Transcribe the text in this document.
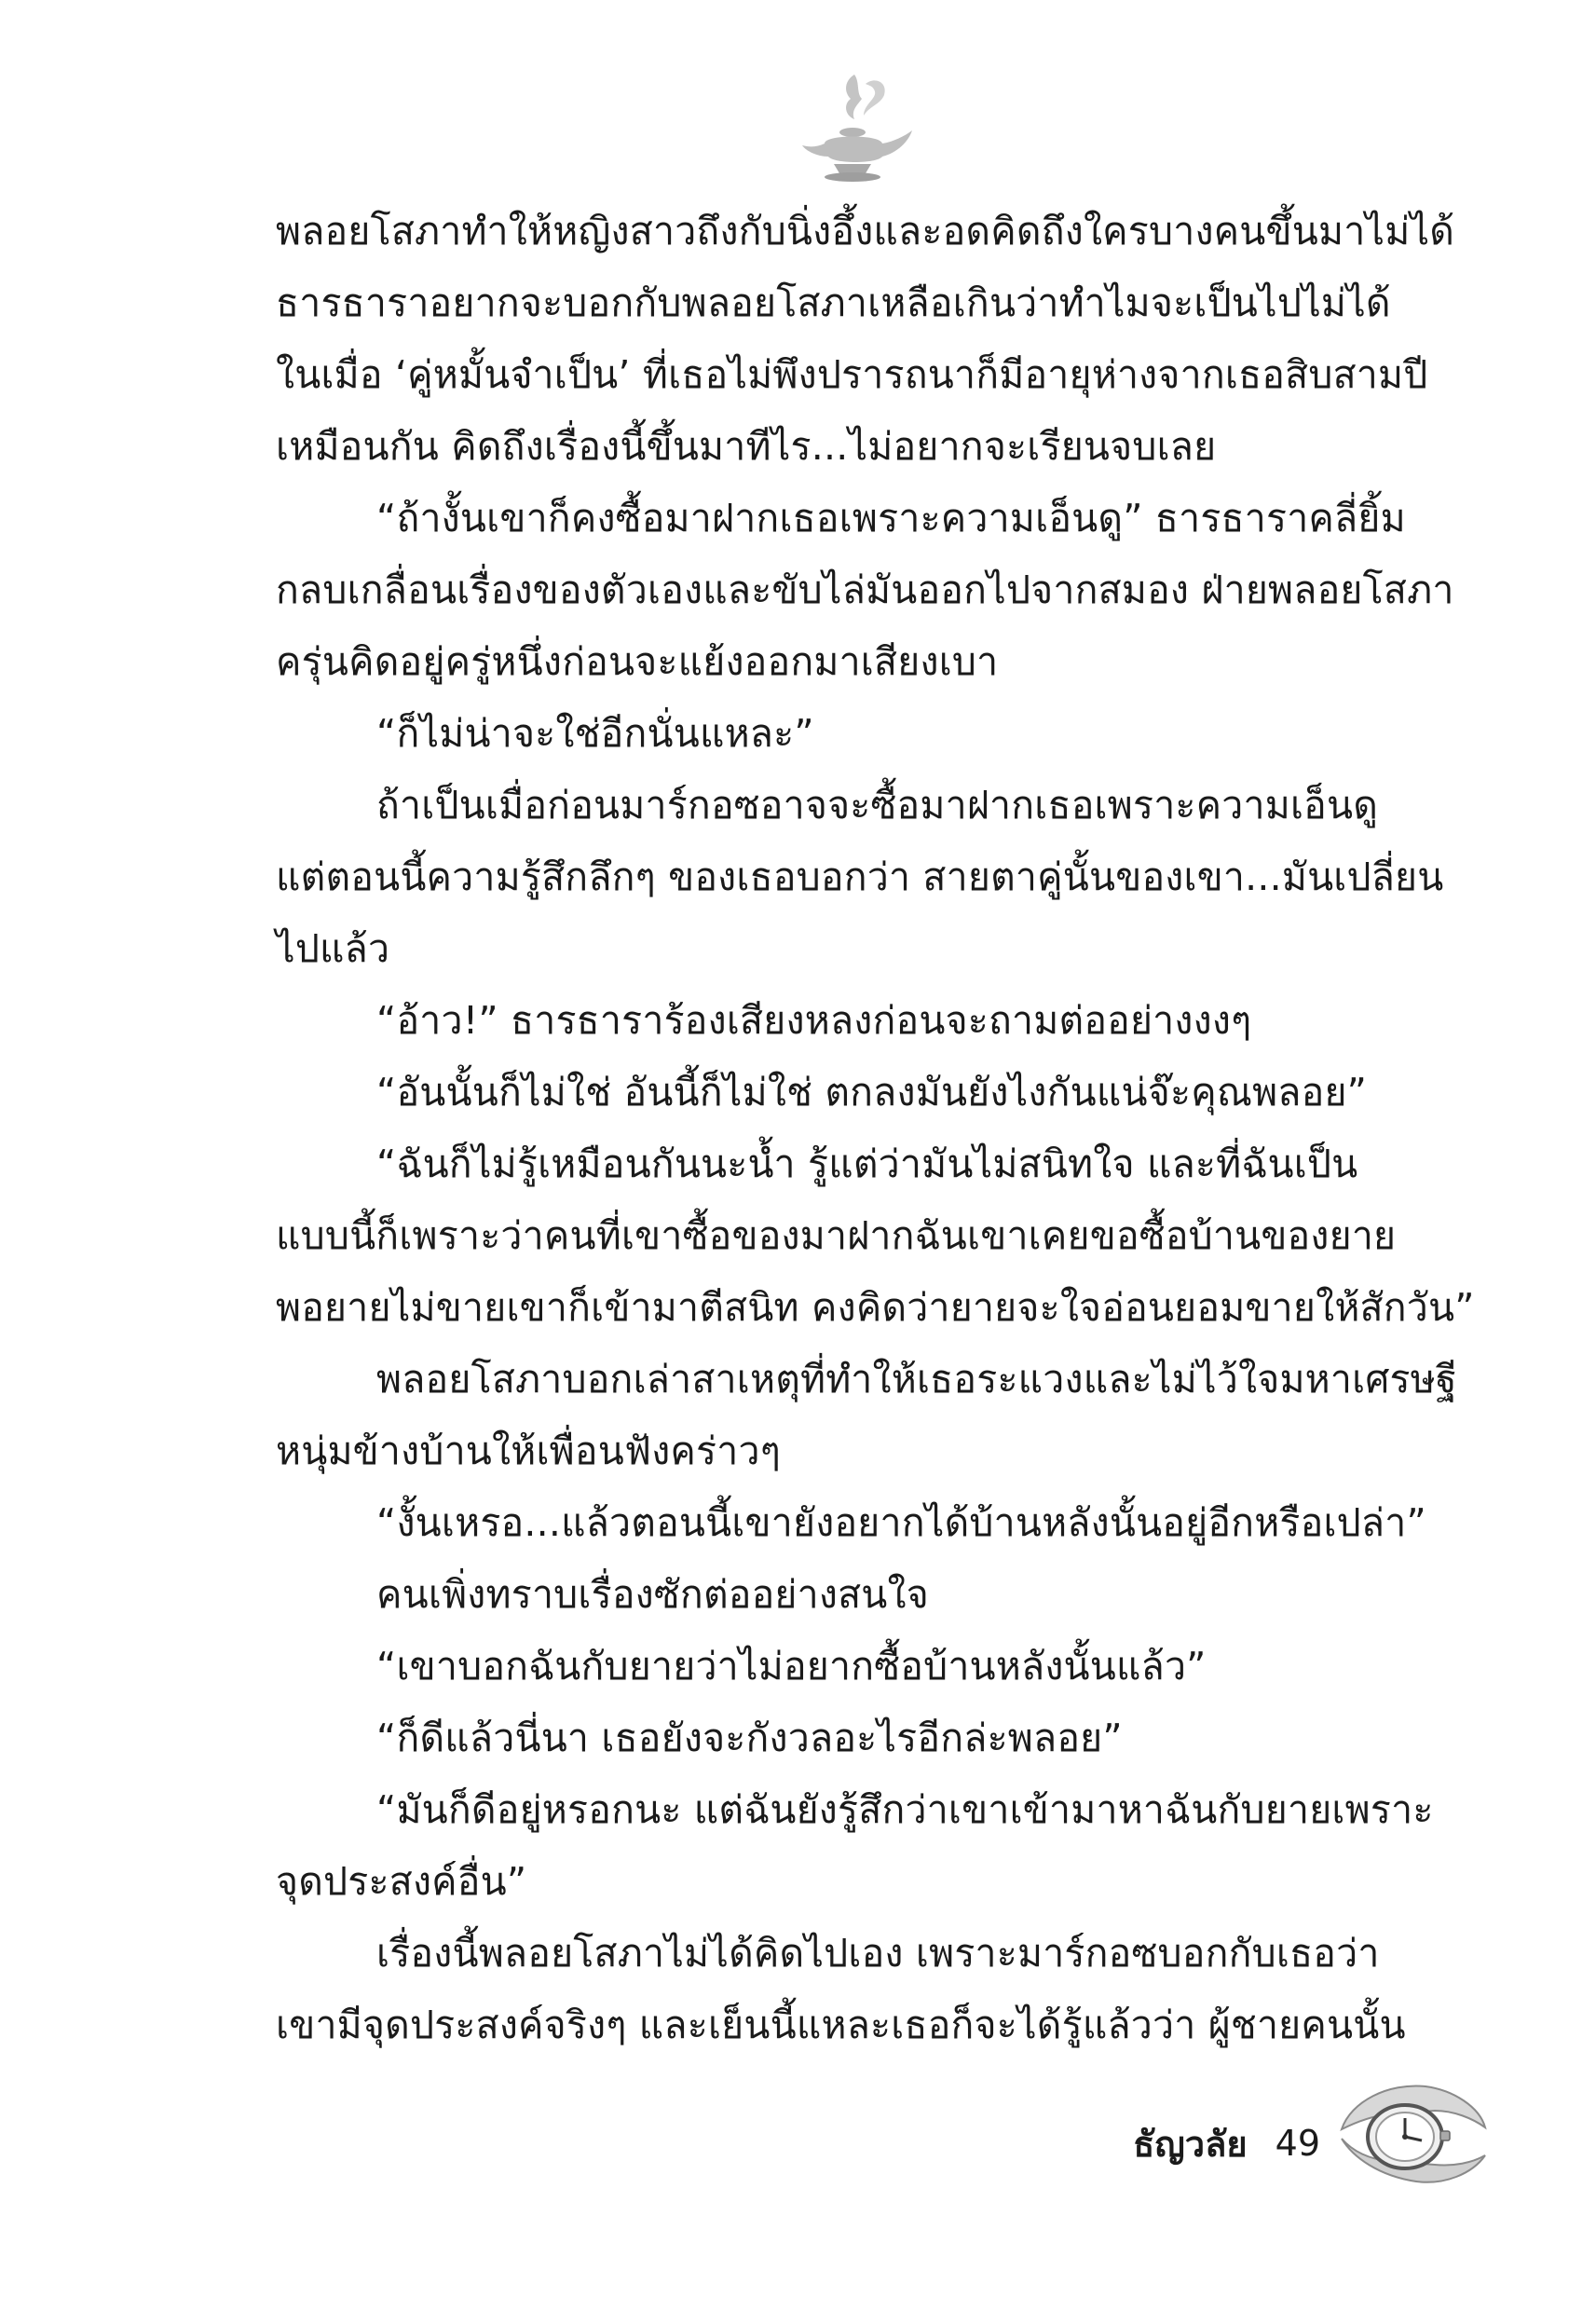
พลอยโสภาทำให้หญิงสาวถึงกับนิ่งอึ้งและอดคิดถึงใครบางคนขึ้นมาไม่ได้
ธารธาราอยากจะบอกกับพลอยโสภาเหลือเกินว่าทำไมจะเป็นไปไม่ได้
ในเมื่อ ‘คู่หมั้นจำเป็น’ ที่เธอไม่พึงปรารถนาก็มีอายุห่างจากเธอสิบสามปี
เหมือนกัน คิดถึงเรื่องนี้ขึ้นมาทีไร...ไม่อยากจะเรียนจบเลย
“ถ้างั้นเขาก็คงซื้อมาฝากเธอเพราะความเอ็นดู” ธารธาราคลี่ยิ้ม
กลบเกลื่อนเรื่องของตัวเองและขับไล่มันออกไปจากสมอง ฝ่ายพลอยโสภา
ครุ่นคิดอยู่ครู่หนึ่งก่อนจะแย้งออกมาเสียงเบา
“ก็ไม่น่าจะใช่อีกนั่นแหละ”
ถ้าเป็นเมื่อก่อนมาร์กอซอาจจะซื้อมาฝากเธอเพราะความเอ็นดู
แต่ตอนนี้ความรู้สึกลึกๆ ของเธอบอกว่า สายตาคู่นั้นของเขา...มันเปลี่ยน
ไปแล้ว
“อ้าว!” ธารธาราร้องเสียงหลงก่อนจะถามต่ออย่างงงๆ
“อันนั้นก็ไม่ใช่ อันนี้ก็ไม่ใช่ ตกลงมันยังไงกันแน่จ๊ะคุณพลอย”
“ฉันก็ไม่รู้เหมือนกันนะน้ำ รู้แต่ว่ามันไม่สนิทใจ และที่ฉันเป็น
แบบนี้ก็เพราะว่าคนที่เขาซื้อของมาฝากฉันเขาเคยขอซื้อบ้านของยาย
พอยายไม่ขายเขาก็เข้ามาตีสนิท คงคิดว่ายายจะใจอ่อนยอมขายให้สักวัน”
พลอยโสภาบอกเล่าสาเหตุที่ทำให้เธอระแวงและไม่ไว้ใจมหาเศรษฐี
หนุ่มข้างบ้านให้เพื่อนฟังคร่าวๆ
“งั้นเหรอ...แล้วตอนนี้เขายังอยากได้บ้านหลังนั้นอยู่อีกหรือเปล่า”
คนเพิ่งทราบเรื่องซักต่ออย่างสนใจ
“เขาบอกฉันกับยายว่าไม่อยากซื้อบ้านหลังนั้นแล้ว”
“ก็ดีแล้วนี่นา เธอยังจะกังวลอะไรอีกล่ะพลอย”
“มันก็ดีอยู่หรอกนะ แต่ฉันยังรู้สึกว่าเขาเข้ามาหาฉันกับยายเพราะ
จุดประสงค์อื่น”
เรื่องนี้พลอยโสภาไม่ได้คิดไปเอง เพราะมาร์กอซบอกกับเธอว่า
เขามีจุดประสงค์จริงๆ และเย็นนี้แหละเธอก็จะได้รู้แล้วว่า ผู้ชายคนนั้น
ธัญวลัย 49
